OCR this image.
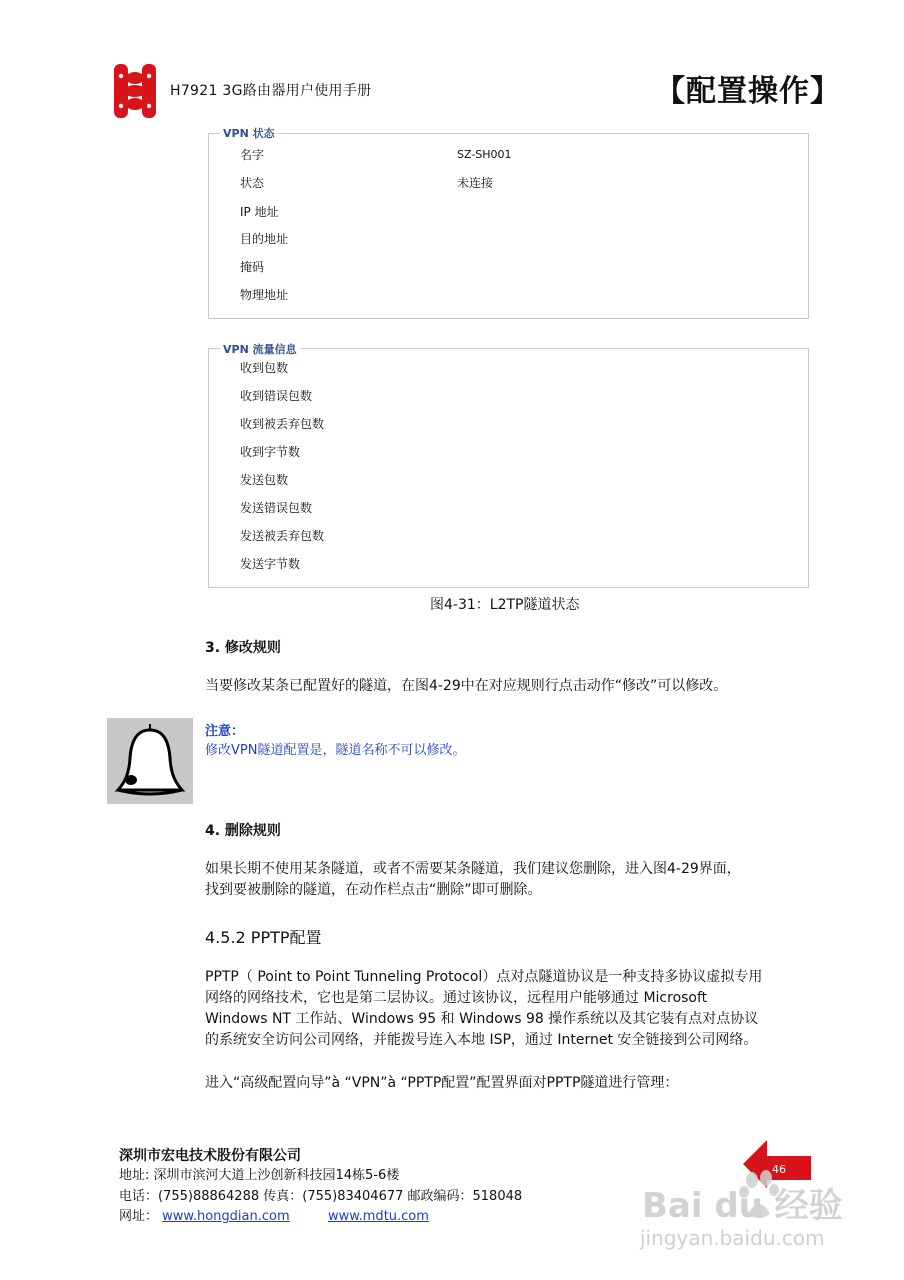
H7921 3G路由器用户使用手册	【配置操作】
VPN 状态
名字	SZ-SH001
状态	未连接
IP 地址
目的地址
掩码
物理地址
VPN 流量信息
收到包数
收到错误包数
收到被丢弃包数
收到字节数
发送包数
发送错误包数
发送被丢弃包数
发送字节数
图4-31：L2TP隧道状态
3. 修改规则
当要修改某条已配置好的隧道，在图4-29中在对应规则行点击动作“修改”可以修改。
注意：
修改VPN隧道配置是，隧道名称不可以修改。
4. 删除规则
如果长期不使用某条隧道，或者不需要某条隧道，我们建议您删除，进入图4-29界面，
找到要被删除的隧道，在动作栏点击“删除”即可删除。
4.5.2 PPTP配置
PPTP（ Point to Point Tunneling Protocol）点对点隧道协议是一种支持多协议虚拟专用
网络的网络技术，它也是第二层协议。通过该协议，远程用户能够通过 Microsoft
Windows NT 工作站、Windows 95 和 Windows 98 操作系统以及其它装有点对点协议
的系统安全访问公司网络，并能拨号连入本地 ISP，通过 Internet 安全链接到公司网络。
进入“高级配置向导”à “VPN”à “PPTP配置”配置界面对PPTP隧道进行管理：
深圳市宏电技术股份有限公司
地址: 深圳市滨河大道上沙创新科技园14栋5-6楼
电话：(755)88864288 传真：(755)83404677 邮政编码：518048
网址： www.hongdian.com	www.mdtu.com
46
Bai du 经验
jingyan.baidu.com
